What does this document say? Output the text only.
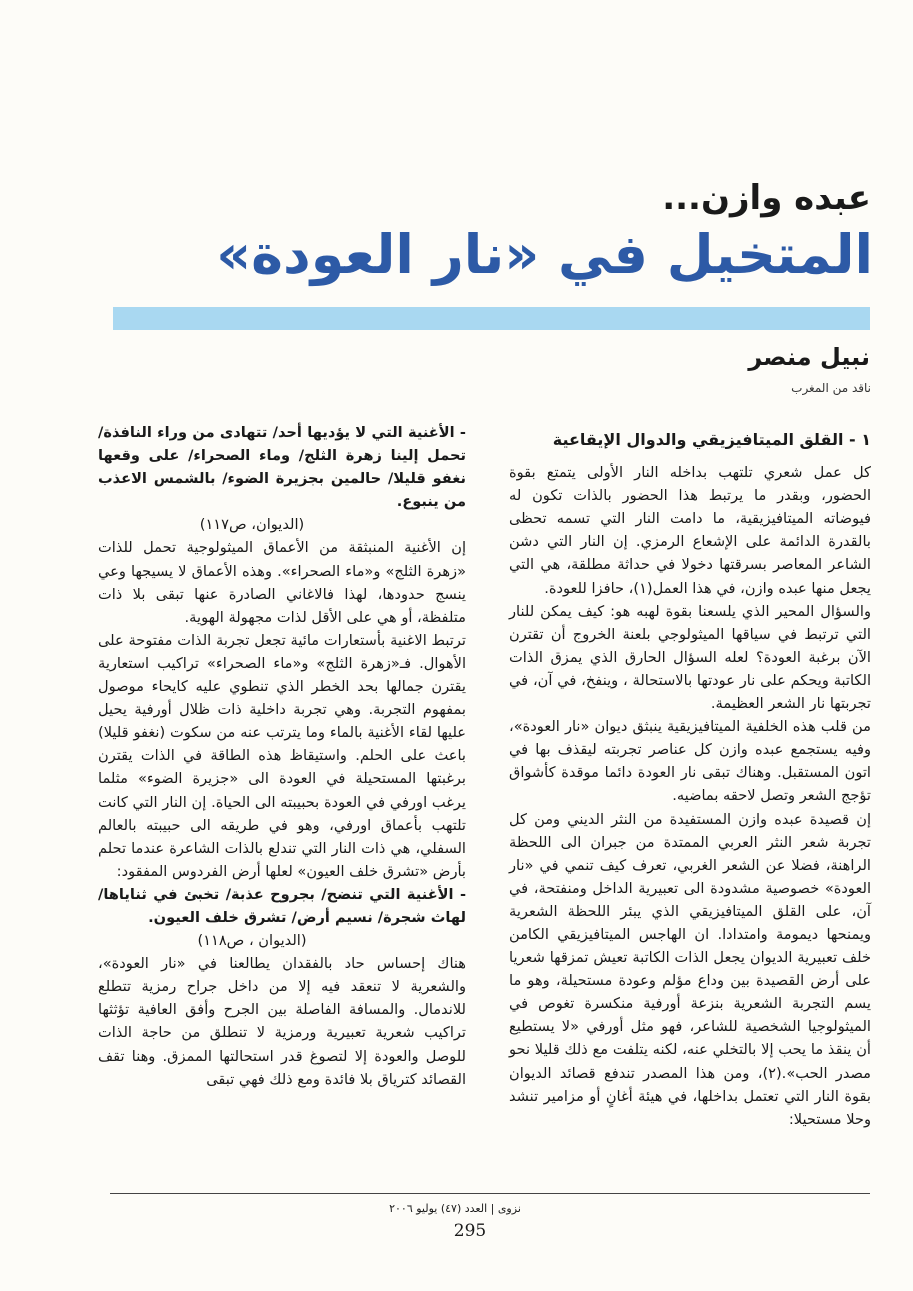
عبده وازن...
المتخيل في «نار العودة»
نبيل منصر
ناقد من المغرب

١ - القلق الميتافيزيقي والدوال الإيقاعية

كل عمل شعري تلتهب بداخله النار الأولى يتمتع بقوة الحضور، وبقدر ما يرتبط هذا الحضور بالذات تكون له فيوضاته الميتافيزيقية، ما دامت النار التي تسمه تحظى بالقدرة الدائمة على الإشعاع الرمزي. إن النار التي دشن الشاعر المعاصر بسرقتها دخولا في حداثة مطلقة، هي التي يجعل منها عبده وازن، في هذا العمل(١)، حافزا للعودة.

والسؤال المحير الذي يلسعنا بقوة لهبه هو: كيف يمكن للنار التي ترتبط في سياقها الميثولوجي بلعنة الخروج أن تقترن الآن برغبة العودة؟ لعله السؤال الحارق الذي يمزق الذات الكاتبة ويحكم على نار عودتها بالاستحالة ، وينفخ، في آن، في تجربتها نار الشعر العظيمة.

من قلب هذه الخلفية الميتافيزيقية ينبثق ديوان «نار العودة»، وفيه يستجمع عبده وازن كل عناصر تجربته ليقذف بها في اتون المستقبل. وهناك تبقى نار العودة دائما موقدة كأشواق تؤجج الشعر وتصل لاحقه بماضيه.

إن قصيدة عبده وازن المستفيدة من النثر الديني ومن كل تجربة شعر النثر العربي الممتدة من جبران الى اللحظة الراهنة، فضلا عن الشعر الغربي، تعرف كيف تنمي في «نار العودة» خصوصية مشدودة الى تعبيرية الداخل ومنفتحة، في آن، على القلق الميتافيزيقي الذي يبئر اللحظة الشعرية ويمنحها ديمومة وامتدادا. ان الهاجس الميتافيزيقي الكامن خلف تعبيرية الديوان يجعل الذات الكاتبة تعيش تمزقها شعريا على أرض القصيدة بين وداع مؤلم وعودة مستحيلة، وهو ما يسم التجربة الشعرية بنزعة أورفية منكسرة تغوص في الميثولوجيا الشخصية للشاعر، فهو مثل أورفي «لا يستطيع أن ينقذ ما يحب إلا بالتخلي عنه، لكنه يتلفت مع ذلك قليلا نحو مصدر الحب».(٢)، ومن هذا المصدر تندفع قصائد الديوان بقوة النار التي تعتمل بداخلها، في هيئة أغانٍ أو مزامير تنشد وحلا مستحيلا:

- الأغنية التي لا يؤديها أحد/ تتهادى من وراء النافذة/ تحمل إلينا زهرة الثلج/ وماء الصحراء/ على وقعها نغفو قليلا/ حالمين بجزيرة الضوء/ بالشمس الاعذب من ينبوع.

(الديوان، ص١١٧)

إن الأغنية المنبثقة من الأعماق الميثولوجية تحمل للذات «زهرة الثلج» و«ماء الصحراء». وهذه الأعماق لا يسيجها وعي ينسج حدودها، لهذا فالاغاني الصادرة عنها تبقى بلا ذات متلفظة، أو هي على الأقل لذات مجهولة الهوية.

ترتبط الاغنية بأستعارات مائية تجعل تجربة الذات مفتوحة على الأهوال. فـ«زهرة الثلج» و«ماء الصحراء» تراكيب استعارية يقترن جمالها بحد الخطر الذي تنطوي عليه كايحاء موصول بمفهوم التجربة. وهي تجربة داخلية ذات ظلال أورفية يحيل عليها لقاء الأغنية بالماء وما يترتب عنه من سكوت (نغفو قليلا) باعث على الحلم. واستيقاظ هذه الطاقة في الذات يقترن برغبتها المستحيلة في العودة الى «جزيرة الضوء» مثلما يرغب اورفي في العودة بحبيبته الى الحياة. إن النار التي كانت تلتهب بأعماق اورفي، وهو في طريقه الى حبيبته بالعالم السفلي، هي ذات النار التي تندلع بالذات الشاعرة عندما تحلم بأرض «تشرق خلف العيون» لعلها أرض الفردوس المفقود:

- الأغنية التي تنضح/ بجروح عذبة/ تخبئ في ثناياها/ لهاث شجرة/ نسيم أرض/ تشرق خلف العيون.

(الديوان ، ص١١٨)

هناك إحساس حاد بالفقدان يطالعنا في «نار العودة»، والشعرية لا تنعقد فيه إلا من داخل جراح رمزية تتطلع للاندمال. والمسافة الفاصلة بين الجرح وأفق العافية تؤثثها تراكيب شعرية تعبيرية ورمزية لا تنطلق من حاجة الذات للوصل والعودة إلا لتصوغ قدر استحالتها الممزق. وهنا تقف القصائد كترياق بلا فائدة ومع ذلك فهي تبقى

نزوى | العدد (٤٧) يوليو ٢٠٠٦
295
